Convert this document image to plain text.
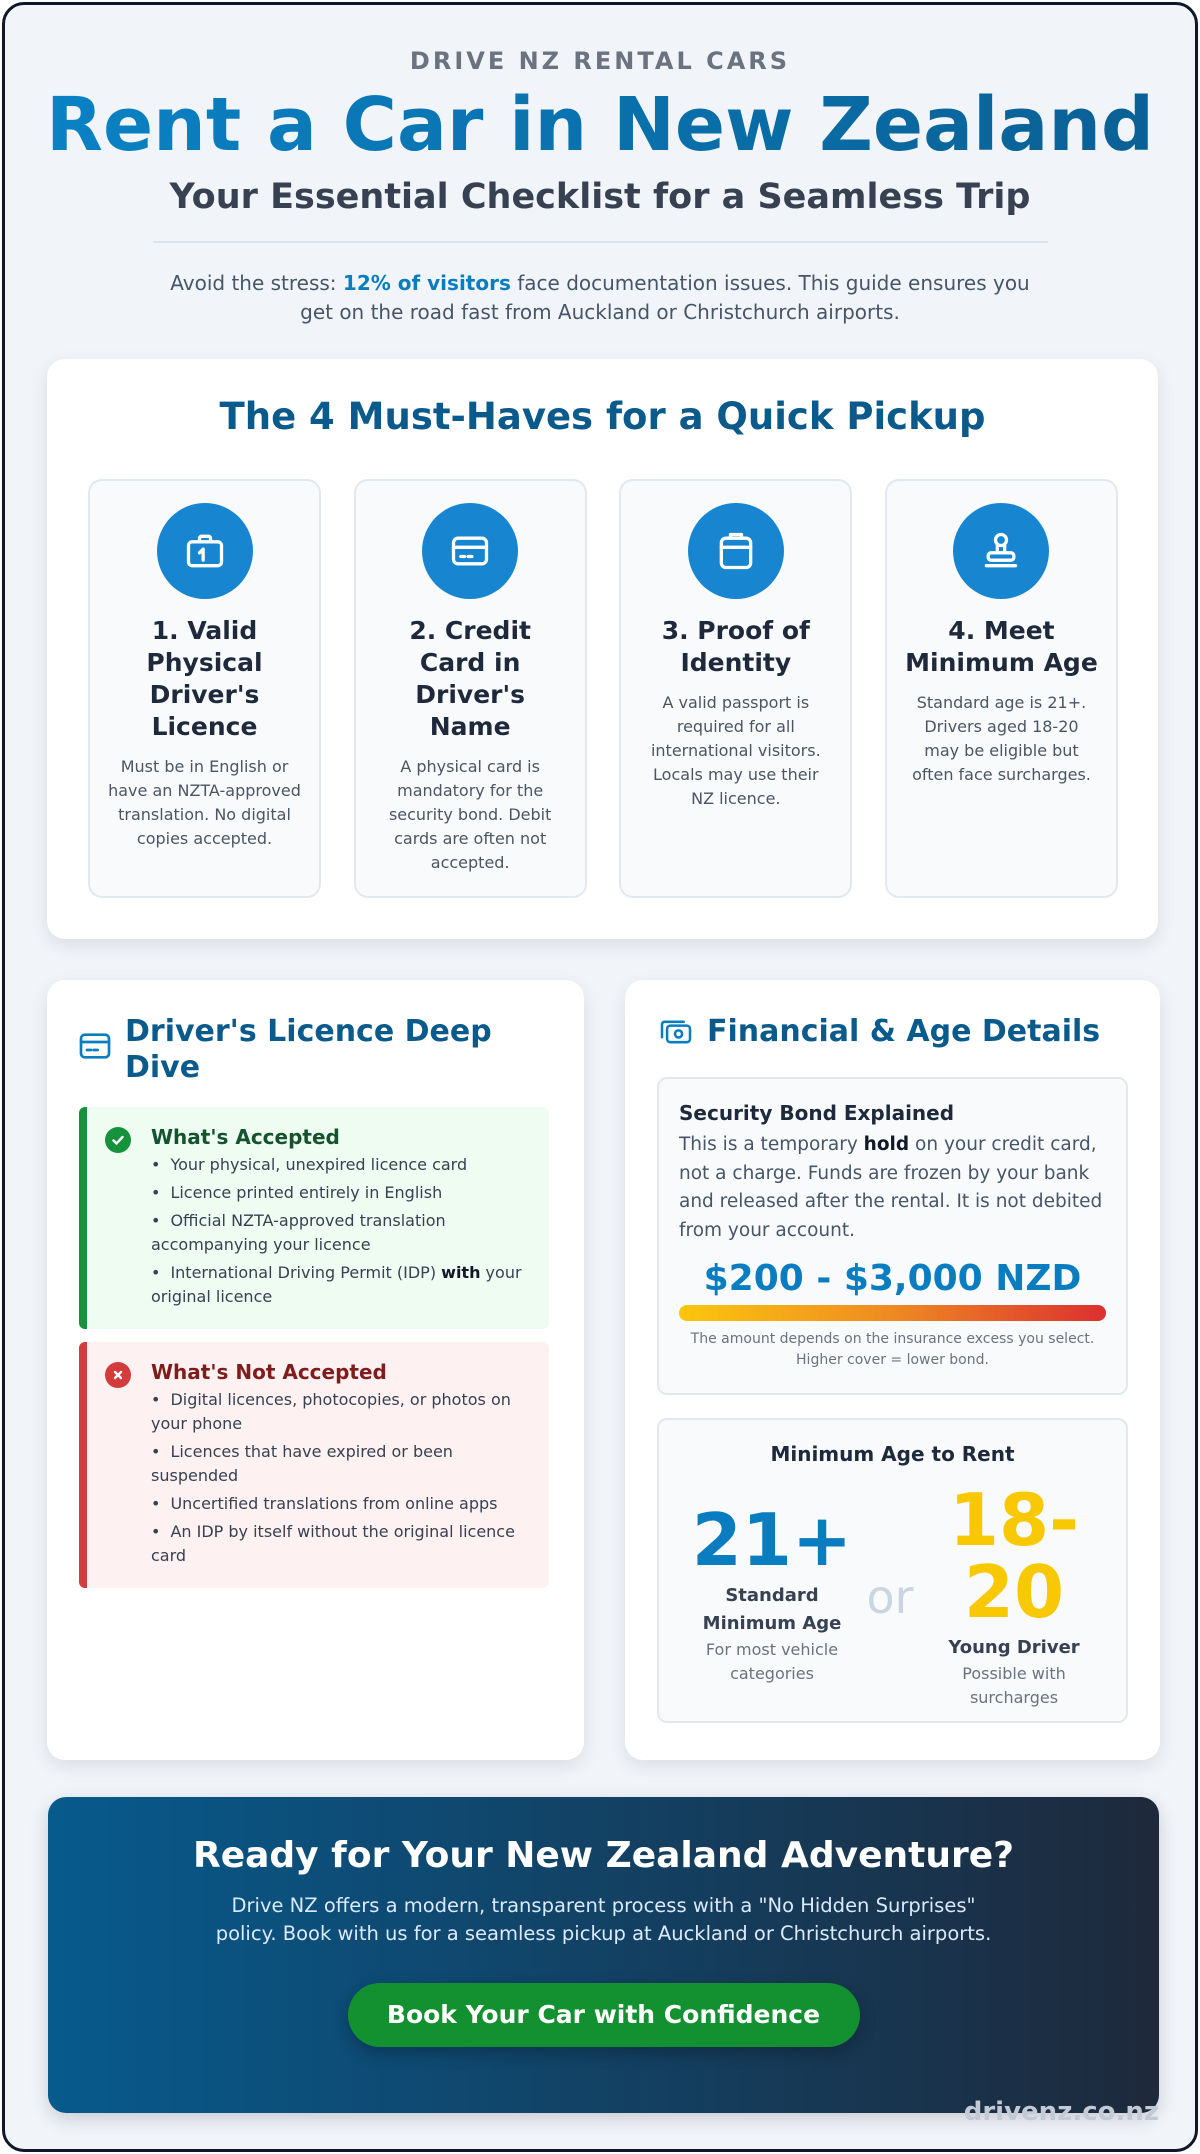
DRIVE NZ RENTAL CARS
Rent a Car in New Zealand
Your Essential Checklist for a Seamless Trip

Avoid the stress: 12% of visitors face documentation issues. This guide ensures you get on the road fast from Auckland or Christchurch airports.

The 4 Must-Haves for a Quick Pickup
1. Valid Physical Driver's Licence
Must be in English or have an NZTA-approved translation. No digital copies accepted.
2. Credit Card in Driver's Name
A physical card is mandatory for the security bond. Debit cards are often not accepted.
3. Proof of Identity
A valid passport is required for all international visitors. Locals may use their NZ licence.
4. Meet Minimum Age
Standard age is 21+. Drivers aged 18-20 may be eligible but often face surcharges.
Driver's Licence Deep Dive
What's Accepted
• Your physical, unexpired licence card
• Licence printed entirely in English
• Official NZTA-approved translation accompanying your licence
• International Driving Permit (IDP) with your original licence
What's Not Accepted
• Digital licences, photocopies, or photos on your phone
• Licences that have expired or been suspended
• Uncertified translations from online apps
• An IDP by itself without the original licence card
Financial & Age Details
Security Bond Explained

This is a temporary hold on your credit card, not a charge. Funds are frozen by your bank and released after the rental. It is not debited from your account.

$200 - $3,000 NZD
The amount depends on the insurance excess you select. Higher cover = lower bond.
Minimum Age to Rent
21+
Standard Minimum Age
For most vehicle categories
or
18-
20
Young Driver
Possible with surcharges
Ready for Your New Zealand Adventure?

Drive NZ offers a modern, transparent process with a "No Hidden Surprises" policy. Book with us for a seamless pickup at Auckland or Christchurch airports.

Book Your Car with Confidence
drivenz.co.nz
